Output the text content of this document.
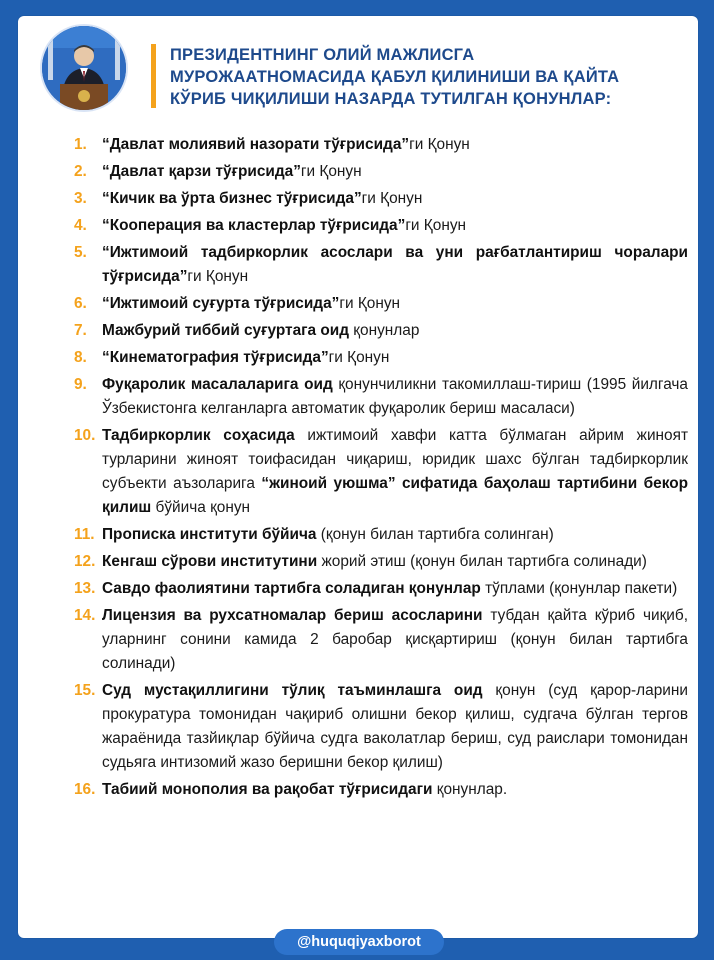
ПРЕЗИДЕНТНИНГ ОЛИЙ МАЖЛИСГА
МУРОЖААТНОМАСИДА ҚАБУЛ ҚИЛИНИШИ ВА ҚАЙТА
КЎРИБ ЧИҚИЛИШИ НАЗАРДА ТУТИЛГАН ҚОНУНЛАР:
1. “Давлат молиявий назорати тўғрисида”ги Қонун
2. “Давлат қарзи тўғрисида”ги Қонун
3. “Кичик ва ўрта бизнес тўғрисида”ги Қонун
4. “Кооперация ва кластерлар тўғрисида”ги Қонун
5. “Ижтимоий тадбиркорлик асослари ва уни рағбатлантириш чоралари тўғрисида”ги Қонун
6. “Ижтимоий суғурта тўғрисида”ги Қонун
7. Мажбурий тиббий суғуртага оид қонунлар
8. “Кинематография тўғрисида”ги Қонун
9. Фуқаролик масалаларига оид қонунчиликни такомиллаш-тириш (1995 йилгача Ўзбекистонга келганларга автоматик фуқаролик бериш масаласи)
10. Тадбиркорлик соҳасида ижтимоий хавфи катта бўлмаган айрим жиноят турларини жиноят тоифасидан чиқариш, юридик шахс бўлган тадбиркорлик субъекти аъзоларига “жиноий уюшма” сифатида баҳолаш тартибини бекор қилиш бўйича қонун
11. Прописка институти бўйича (қонун билан тартибга солинган)
12. Кенгаш сўрови институтини жорий этиш (қонун билан тартибга солинади)
13. Савдо фаолиятини тартибга соладиган қонунлар тўплами (қонунлар пакети)
14. Лицензия ва рухсатномалар бериш асосларини тубдан қайта кўриб чиқиб, уларнинг сонини камида 2 баробар қисқартириш (қонун билан тартибга солинади)
15. Суд мустақиллигини тўлиқ таъминлашга оид қонун (суд қарор-ларини прокуратура томонидан чақириб олишни бекор қилиш, судгача бўлган тергов жараёнида тазйиқлар бўйича судга ваколатлар бериш, суд раислари томонидан судьяга интизомий жазо беришни бекор қилиш)
16. Табиий монополия ва рақобат тўғрисидаги қонунлар.
@huquqiyaxborot
